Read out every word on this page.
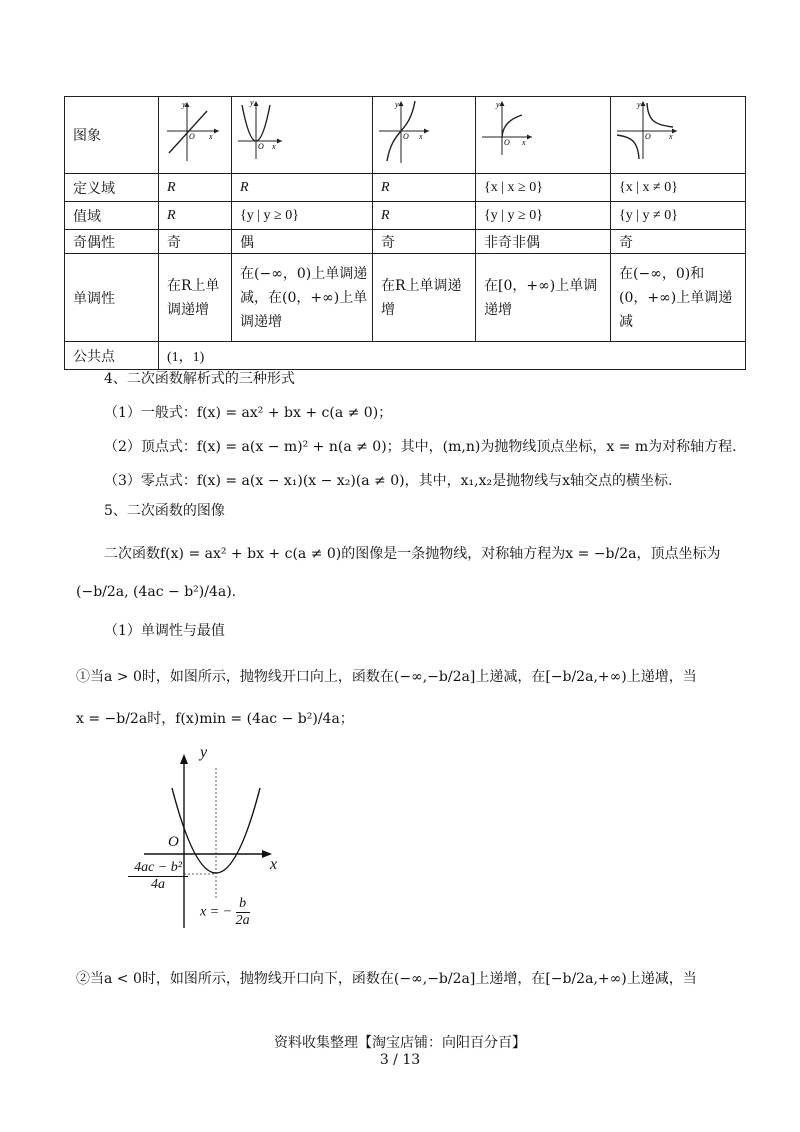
图象	y
O x	y
O x	y
O x	y
O x	y
O x

定义域	R	R	R	{x | x ≥ 0}	{x | x ≠ 0}
值域	R	{y | y ≥ 0}	R	{y | y ≥ 0}	{y | y ≠ 0}
奇偶性	奇	偶	奇	非奇非偶	奇
单调性	在R上单调递增	在(−∞，0)上单调递减，在(0，+∞)上单调递增	在R上单调递增	在[0，+∞)上单调递增	在(−∞，0)和(0，+∞)上单调递减
公共点	(1，1)				
4、二次函数解析式的三种形式
（1）一般式：f(x) = ax² + bx + c(a ≠ 0)；
（2）顶点式：f(x) = a(x − m)² + n(a ≠ 0)；其中，(m,n)为抛物线顶点坐标，x = m为对称轴方程.
（3）零点式：f(x) = a(x − x₁)(x − x₂)(a ≠ 0)，其中，x₁,x₂是抛物线与x轴交点的横坐标.
5、二次函数的图像
二次函数f(x) = ax² + bx + c(a ≠ 0)的图像是一条抛物线，对称轴方程为x = −b/2a，顶点坐标为
(−b/2a, (4ac − b²)/4a).
（1）单调性与最值
①当a > 0时，如图所示，抛物线开口向上，函数在(−∞,−b/2a]上递减，在[−b/2a,+∞)上递增，当
x = −b/2a时，f(x)min = (4ac − b²)/4a；
y
O
x
$\frac{\text{4ac − b²}}{4a}$
x = − $\frac{b}{2a}$
②当a < 0时，如图所示，抛物线开口向下，函数在(−∞,−b/2a]上递增，在[−b/2a,+∞)上递减，当
资料收集整理【淘宝店铺：向阳百分百】
3 / 13
